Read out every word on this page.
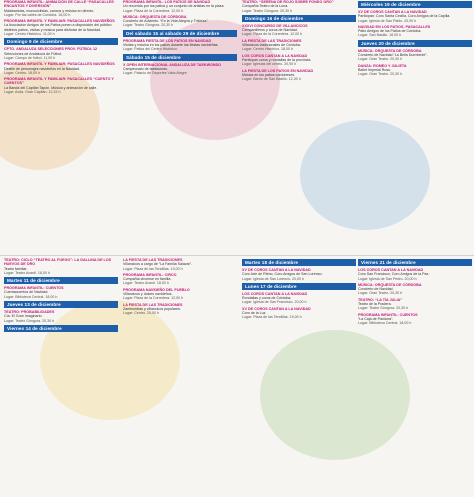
PROGRAMA INFANTIL: ANIMACIÓN DE CALLE “PASACALLES ENCANTOS Y DIVERSIÓN”
Malabaristas, monociclistas, zancos y música en directo.
Lugar: Por las calles de Córdoba. 18,00 h
PROGRAMA INFANTIL Y FAMILIAR: PASACALLES NAVIDEÑOS
La Asociación Amigos de los Patios ponen a disposición del público distintos patios, visitas y música para disfrutar de la Navidad.
Lugar: Centro Histórico. 11,00 h
Domingo 9 de diciembre
CPTO. ANDALUZA SELECCIONES PROV. FÚTBOL 12
Selecciones de Andalucía de Fútbol.
Lugar: Campo de fútbol. 11,00 h
PROGRAMA INFANTIL Y FAMILIAR: PASACALLES NAVIDEÑOS
Desfile de personajes navideños en la Navidad.
Lugar: Centro. 18,00 h
PROGRAMA INFANTIL Y FAMILIAR: PASACALLES “CUENTO Y CUENTOS”
La Banda del Capitán Tapón. Música y animación de calle.
Lugar: Avda. Gran Capitán. 12,15 h
PROGRAMA INFANTIL: LOS PATIOS DE NAVIDAD
Un recorrido por los patios y un conjunto de artistas en la plaza.
Lugar: Plaza de la Corredera. 12,00 h
MÚSICA: ORQUESTA DE CÓRDOBA
Concierto de Adviento. “En la Vida Alegría y Tristeza”.
Lugar: Teatro Góngora. 20,30 h
Del sábado 15 al sábado 29 de diciembre
PROGRAMA FIESTA DE LOS PATIOS EN NAVIDAD
Visitas y música en los patios durante las fiestas navideñas.
Lugar: Patios del Centro Histórico.
Sábado 15 de diciembre
X OPEN INTERNACIONAL ANDALUZA DE TAEKWONDO
Campeonato de taekwondo.
Lugar: Palacio de Deportes Vista Alegre.
TEATRO: “SERENA DE ROJO SOBRE FONDO ORO”
Compañía Teatro de la Luna.
Lugar: Teatro Góngora. 20,30 h
Domingo 16 de diciembre
XXXVI CONCURSO DE VILLANCICOS
Campanilleros y coros de Navidad.
Lugar: Plaza de la Corredera. 12,00 h
LA FIESTA DE LAS TRADICIONES
Villancicos tradicionales de Córdoba.
Lugar: Centro Histórico. 18,00 h
LOS COROS CANTAN A LA NAVIDAD
Participan coros y rondallas de la provincia.
Lugar: Iglesias del centro. 20,00 h
LA FIESTA DE LOS PATIOS EN NAVIDAD
Música en los patios cordobeses.
Lugar: Barrio de San Basilio. 12,30 h
Miércoles 19 de diciembre
XV DE COROS CANTAN A LA NAVIDAD
Participan: Coro Santa Cecilia, Coro Amigos de la Capilla.
Lugar: Iglesia de San Pablo. 20,00 h
NAVIDAD EN LOS PATIOS. PASACALLES
Patio Amigos de los Patios de Córdoba.
Lugar: San Basilio. 18,00 h
Jueves 20 de diciembre
MÚSICA: ORQUESTA DE CÓRDOBA
Concierto de Navidad “La Bella Durmiente”.
Lugar: Gran Teatro. 20,30 h
DANZA: ROMEO Y JULIETA
Ballet Imperial Ruso.
Lugar: Gran Teatro. 20,30 h
TEATRO: CICLO “TEATRO AL FUEGO”: LA GALLINA DE LOS HUEVOS DE ORO
Teatro familiar.
Lugar: Teatro Avanti. 18,00 h
Martes 11 de diciembre
PROGRAMA INFANTIL: CUENTOS
Cuentacuentos de Navidad.
Lugar: Biblioteca Central. 18,00 h
Jueves 13 de diciembre
TEATRO: PROBABILIDADES
Cía. El Gran Imaginario.
Lugar: Teatro Góngora. 20,30 h
Viernes 14 de diciembre
LA FIESTA DE LAS TRADICIONES
Villancicos a cargo de “La Familia Salazar”.
Lugar: Plaza de las Tendillas. 19,00 h
PROGRAMA INFANTIL: CIRCO
Compañía circense en familia.
Lugar: Teatro Avanti. 18,00 h
PROGRAMA NAVIDEÑO DEL PUEBLO
Villancicos y dulces navideños.
Lugar: Plaza de la Corredera. 12,00 h
LA FIESTA DE LAS TRADICIONES
Zambombas y villancicos populares.
Lugar: Centro. 20,00 h
Martes 18 de diciembre
XV DE COROS CANTAN A LA NAVIDAD
Coro Arte de Ritmo, Coro Amigos de San Lorenzo.
Lugar: Iglesia de San Lorenzo. 20,00 h
Lunes 17 de diciembre
LOS COROS CANTAN A LA NAVIDAD
Rondallas y coros de Córdoba.
Lugar: Iglesia de San Francisco. 20,00 h
XV DE COROS CANTAN A LA NAVIDAD
Coro de la Luz.
Lugar: Plaza de las Tendillas. 19,00 h
Viernes 21 de diciembre
LOS COROS CANTAN A LA NAVIDAD
Coro San Francisco, Coro Amigos de la Paz.
Lugar: Iglesia de San Pedro. 20,00 h
MÚSICA: ORQUESTA DE CÓRDOBA
Concierto de Navidad.
Lugar: Gran Teatro. 20,30 h
TEATRO: “LA TÍA JULIA”
Teatro de la Pradera.
Lugar: Teatro Góngora. 20,30 h
PROGRAMA INFANTIL: CUENTOS
“La Caja de Pandora”.
Lugar: Biblioteca Central. 18,00 h
